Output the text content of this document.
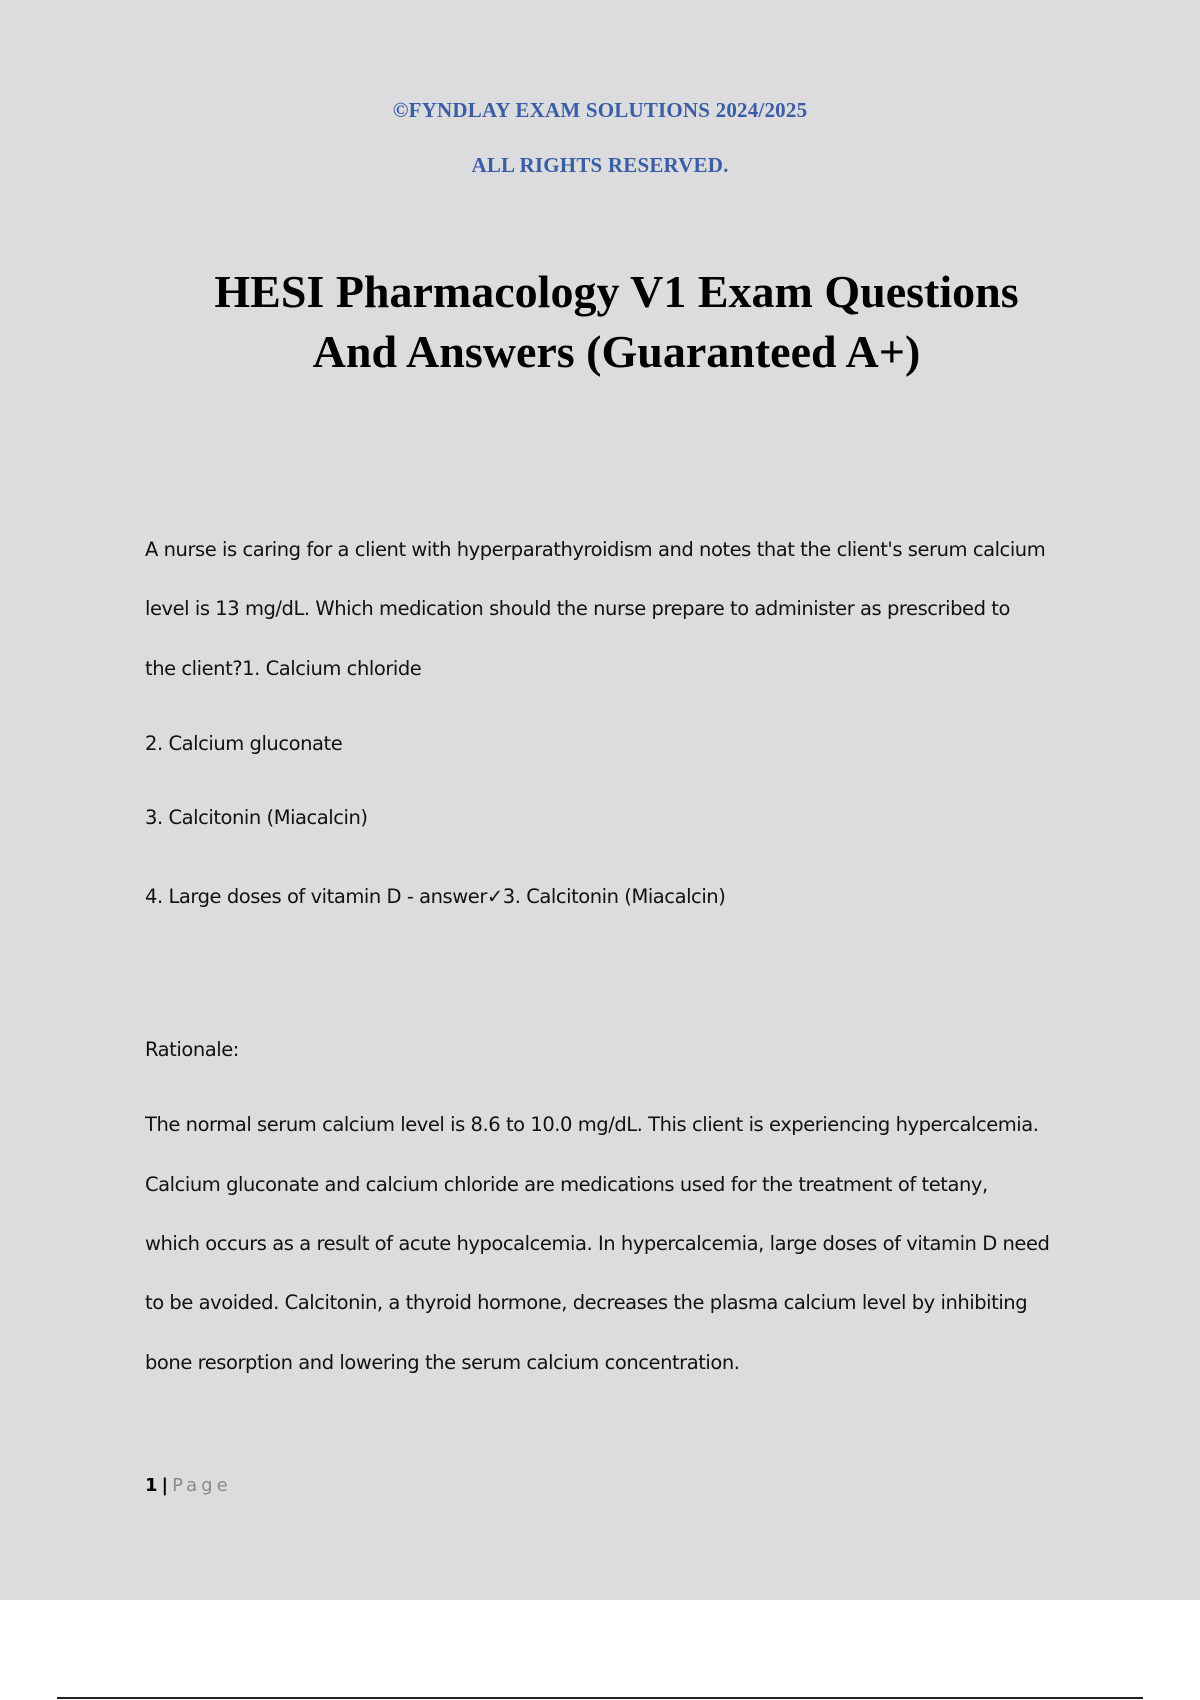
©FYNDLAY EXAM SOLUTIONS 2024/2025
ALL RIGHTS RESERVED.
HESI Pharmacology V1 Exam Questions
And Answers (Guaranteed A+)
A nurse is caring for a client with hyperparathyroidism and notes that the client's serum calcium
level is 13 mg/dL. Which medication should the nurse prepare to administer as prescribed to
the client?1. Calcium chloride
2. Calcium gluconate
3. Calcitonin (Miacalcin)
4. Large doses of vitamin D - answer✓3. Calcitonin (Miacalcin)
Rationale:
The normal serum calcium level is 8.6 to 10.0 mg/dL. This client is experiencing hypercalcemia.
Calcium gluconate and calcium chloride are medications used for the treatment of tetany,
which occurs as a result of acute hypocalcemia. In hypercalcemia, large doses of vitamin D need
to be avoided. Calcitonin, a thyroid hormone, decreases the plasma calcium level by inhibiting
bone resorption and lowering the serum calcium concentration.
1 | Page
